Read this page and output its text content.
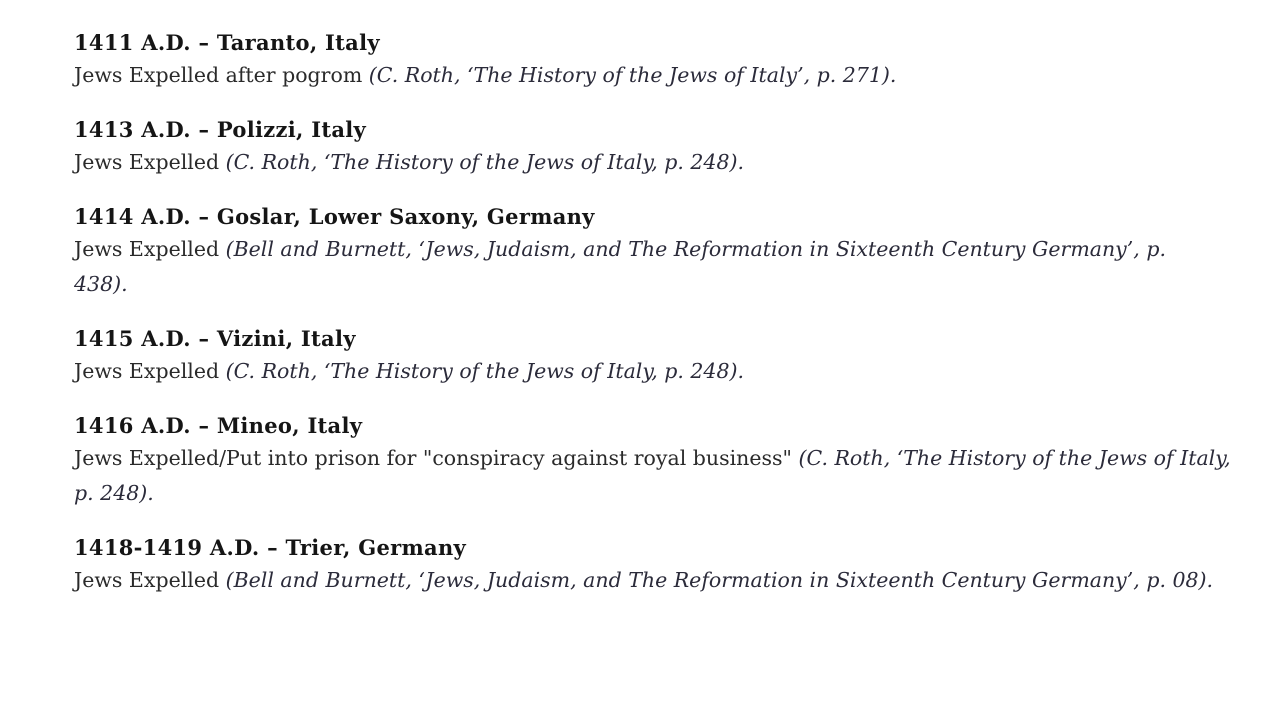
1411 A.D. – Taranto, Italy
Jews Expelled after pogrom (C. Roth, ‘The History of the Jews of Italy’, p. 271).
1413 A.D. – Polizzi, Italy
Jews Expelled (C. Roth, ‘The History of the Jews of Italy, p. 248).
1414 A.D. – Goslar, Lower Saxony, Germany
Jews Expelled (Bell and Burnett, ‘Jews, Judaism, and The Reformation in Sixteenth Century Germany’, p. 438).
1415 A.D. – Vizini, Italy
Jews Expelled (C. Roth, ‘The History of the Jews of Italy, p. 248).
1416 A.D. – Mineo, Italy
Jews Expelled/Put into prison for "conspiracy against royal business" (C. Roth, ‘The History of the Jews of Italy, p. 248).
1418-1419 A.D. – Trier, Germany
Jews Expelled (Bell and Burnett, ‘Jews, Judaism, and The Reformation in Sixteenth Century Germany’, p. 08).
